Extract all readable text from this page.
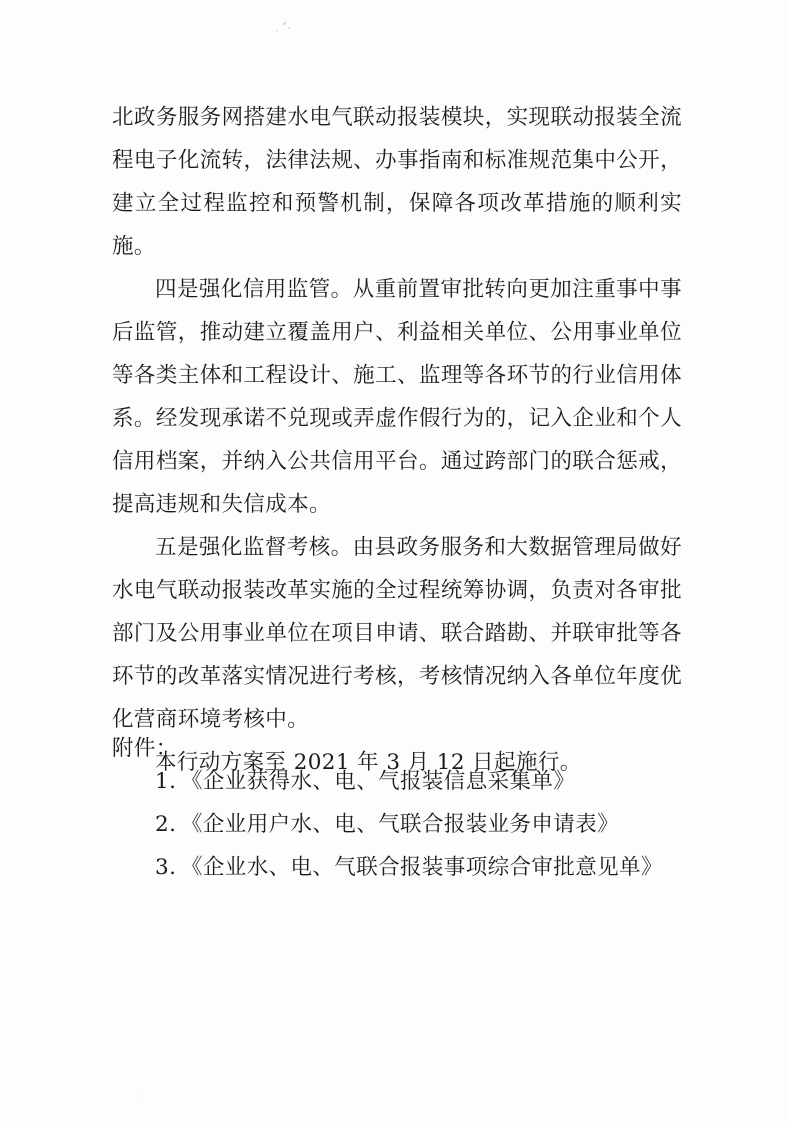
北政务服务网搭建水电气联动报装模块，实现联动报装全流程电子化流转，法律法规、办事指南和标准规范集中公开，建立全过程监控和预警机制，保障各项改革措施的顺利实施。

四是强化信用监管。从重前置审批转向更加注重事中事后监管，推动建立覆盖用户、利益相关单位、公用事业单位等各类主体和工程设计、施工、监理等各环节的行业信用体系。经发现承诺不兑现或弄虚作假行为的，记入企业和个人信用档案，并纳入公共信用平台。通过跨部门的联合惩戒，提高违规和失信成本。

五是强化监督考核。由县政务服务和大数据管理局做好水电气联动报装改革实施的全过程统筹协调，负责对各审批部门及公用事业单位在项目申请、联合踏勘、并联审批等各环节的改革落实情况进行考核，考核情况纳入各单位年度优化营商环境考核中。

本行动方案至 2021 年 3 月 12 日起施行。

附件：
1. 《企业获得水、电、气报装信息采集单》
2. 《企业用户水、电、气联合报装业务申请表》
3. 《企业水、电、气联合报装事项综合审批意见单》
